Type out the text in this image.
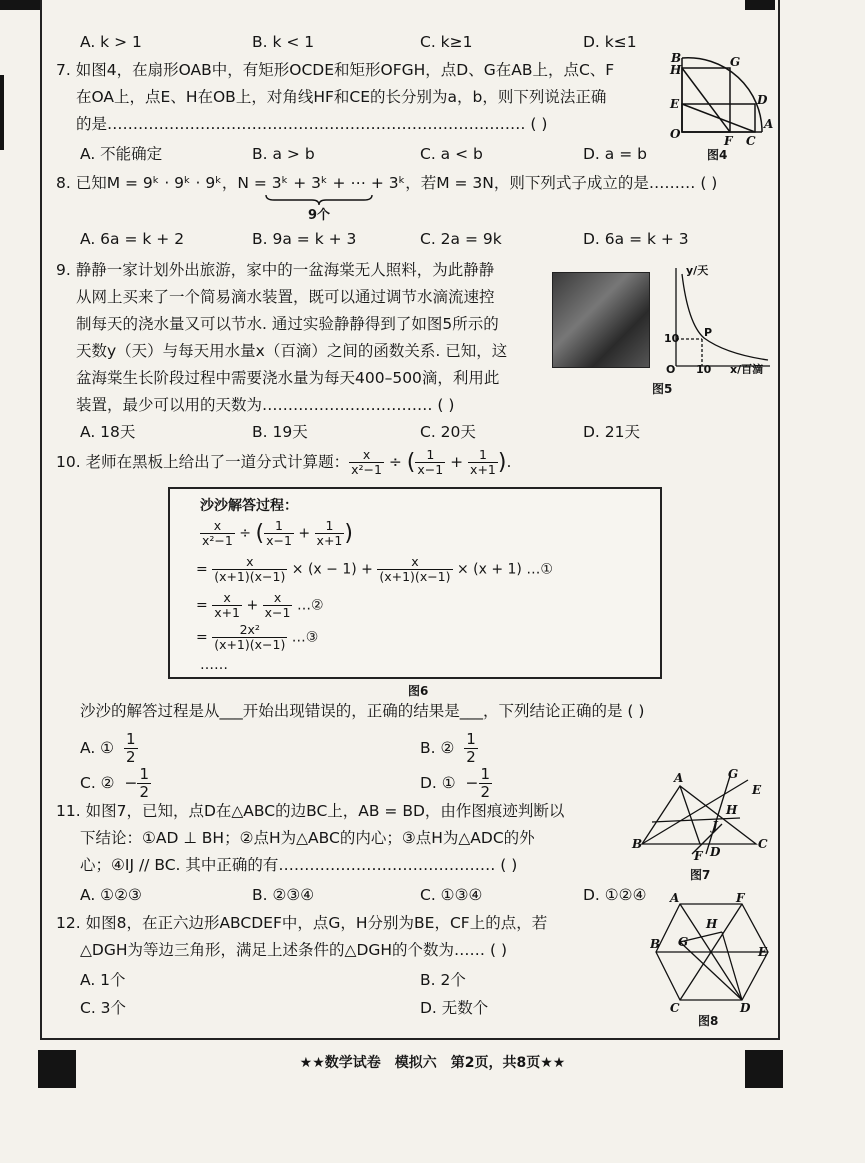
A. k > 1	B. k < 1	C. k≥1	D. k≤1
7. 如图4，在扇形OAB中，有矩形OCDE和矩形OFGH，点D、G在AB上，点C、F
在OA上，点E、H在OB上，对角线HF和CE的长分别为a，b，则下列说法正确
的是……………………………………………………………………… ( )
A. 不能确定	B. a > b	C. a < b	D. a = b
B	G
H
E	D
O	F C
A
图4
8. 已知M = 9ᵏ · 9ᵏ · 9ᵏ，N = 3ᵏ + 3ᵏ + ⋯ + 3ᵏ，若M = 3N，则下列式子成立的是……… ( )
9个
A. 6a = k + 2	B. 9a = k + 3	C. 2a = 9k	D. 6a = k + 3
9. 静静一家计划外出旅游，家中的一盆海棠无人照料，为此静静
从网上买来了一个简易滴水装置，既可以通过调节水滴流速控
制每天的浇水量又可以节水. 通过实验静静得到了如图5所示的
天数y（天）与每天用水量x（百滴）之间的函数关系. 已知，这
盆海棠生长阶段过程中需要浇水量为每天400–500滴，利用此
装置，最少可以用的天数为…………………………… ( )
y/天
x/百滴
O 10
10 P
图5
A. 18天	B. 19天	C. 20天	D. 21天
10. 老师在黑板上给出了一道分式计算题： $\frac{x}{\text{x²−1}}$ ÷ ( $\frac{1}{x-1} + \frac{1}{x+1}$ ).
沙沙解答过程：
$\frac{x}{\text{x²−1}}$ ÷ ( $\frac{1}{x-1} + \frac{1}{x+1}$ )
= $\frac{x}{(x+1)(x-1)} \times (x - 1) + \frac{x}{(x+1)(x-1)} \times (x + 1)$ …①
= $\frac{x}{x+1} + \frac{x}{x-1}$ …②
= $\frac{\text{2x²}}{(x+1)(x-1)}$ …③
……
图6
沙沙的解答过程是从___开始出现错误的，正确的结果是___，下列结论正确的是 ( )
A. ① $\frac{1}{2}$	B. ② $\frac{1}{2}$
C. ② − $\frac{1}{2}$	D. ① − $\frac{1}{2}$
11. 如图7，已知，点D在△ABC的边BC上，AB = BD，由作图痕迹判断以
下结论：①AD ⊥ BH；②点H为△ABC的内心；③点H为△ADC的外
心；④IJ // BC. 其中正确的有…………………………………… ( )
A. ①②③	B. ②③④	C. ①③④	D. ①②④
A	G
E
H
J
B
F D
C
图7
12. 如图8，在正六边形ABCDEF中，点G，H分别为BE，CF上的点，若
△DGH为等边三角形，满足上述条件的△DGH的个数为…… ( )
A. 1个	B. 2个
C. 3个	D. 无数个
A	F
G
H
B
E
C	D
图8
★★数学试卷　模拟六　第2页，共8页★★
